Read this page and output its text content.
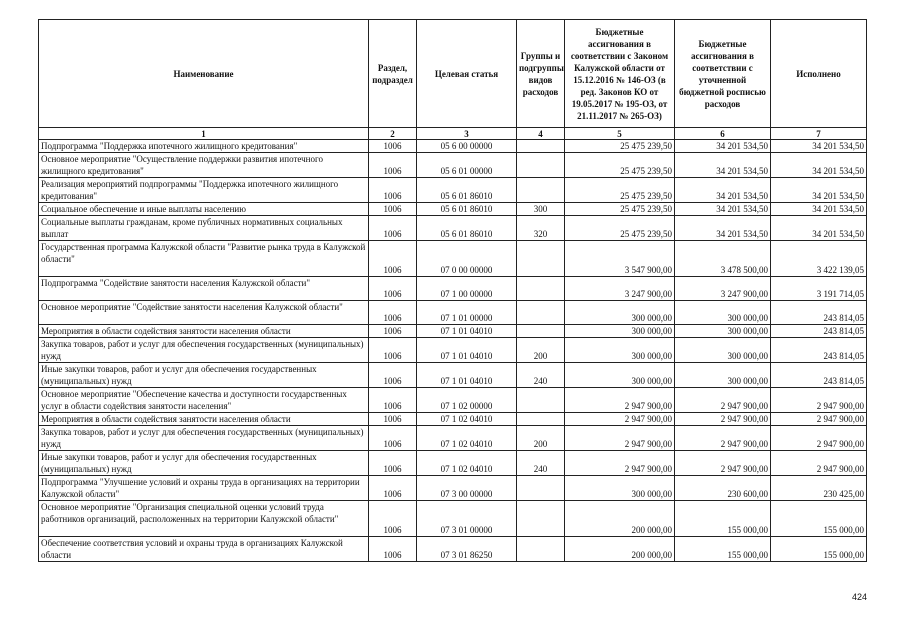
Наименование	Раздел, подраздел	Целевая статья	Группы и подгруппы видов расходов	Бюджетные ассигнования в соответствии с Законом Калужской области от 15.12.2016 № 146-ОЗ (в ред. Законов КО от 19.05.2017 № 195-ОЗ, от 21.11.2017 № 265-ОЗ)	Бюджетные ассигнования в соответствии с уточненной бюджетной росписью расходов	Исполнено
1	2	3	4	5	6	7
Подпрограмма "Поддержка ипотечного жилищного кредитования"	1006	05 6 00 00000		25 475 239,50	34 201 534,50	34 201 534,50
Основное мероприятие "Осуществление поддержки развития ипотечного жилищного кредитования"	1006	05 6 01 00000		25 475 239,50	34 201 534,50	34 201 534,50
Реализация мероприятий подпрограммы "Поддержка ипотечного жилищного кредитования"	1006	05 6 01 86010		25 475 239,50	34 201 534,50	34 201 534,50
Социальное обеспечение и иные выплаты населению	1006	05 6 01 86010	300	25 475 239,50	34 201 534,50	34 201 534,50
Социальные выплаты гражданам, кроме публичных нормативных социальных выплат	1006	05 6 01 86010	320	25 475 239,50	34 201 534,50	34 201 534,50
Государственная программа Калужской области "Развитие рынка труда в Калужской области"	1006	07 0 00 00000		3 547 900,00	3 478 500,00	3 422 139,05
Подпрограмма "Содействие занятости населения Калужской области"	1006	07 1 00 00000		3 247 900,00	3 247 900,00	3 191 714,05
Основное мероприятие "Содействие занятости населения Калужской области"	1006	07 1 01 00000		300 000,00	300 000,00	243 814,05
Мероприятия в области содействия занятости населения области	1006	07 1 01 04010		300 000,00	300 000,00	243 814,05
Закупка товаров, работ и услуг для обеспечения государственных (муниципальных) нужд	1006	07 1 01 04010	200	300 000,00	300 000,00	243 814,05
Иные закупки товаров, работ и услуг для обеспечения государственных (муниципальных) нужд	1006	07 1 01 04010	240	300 000,00	300 000,00	243 814,05
Основное мероприятие "Обеспечение качества и доступности государственных услуг в области содействия занятости населения"	1006	07 1 02 00000		2 947 900,00	2 947 900,00	2 947 900,00
Мероприятия в области содействия занятости населения области	1006	07 1 02 04010		2 947 900,00	2 947 900,00	2 947 900,00
Закупка товаров, работ и услуг для обеспечения государственных (муниципальных) нужд	1006	07 1 02 04010	200	2 947 900,00	2 947 900,00	2 947 900,00
Иные закупки товаров, работ и услуг для обеспечения государственных (муниципальных) нужд	1006	07 1 02 04010	240	2 947 900,00	2 947 900,00	2 947 900,00
Подпрограмма "Улучшение условий и охраны труда в организациях на территории Калужской области"	1006	07 3 00 00000		300 000,00	230 600,00	230 425,00
Основное мероприятие "Организация специальной оценки условий труда работников организаций, расположенных на территории Калужской области"	1006	07 3 01 00000		200 000,00	155 000,00	155 000,00
Обеспечение соответствия условий и охраны труда в организациях Калужской области	1006	07 3 01 86250		200 000,00	155 000,00	155 000,00
424
